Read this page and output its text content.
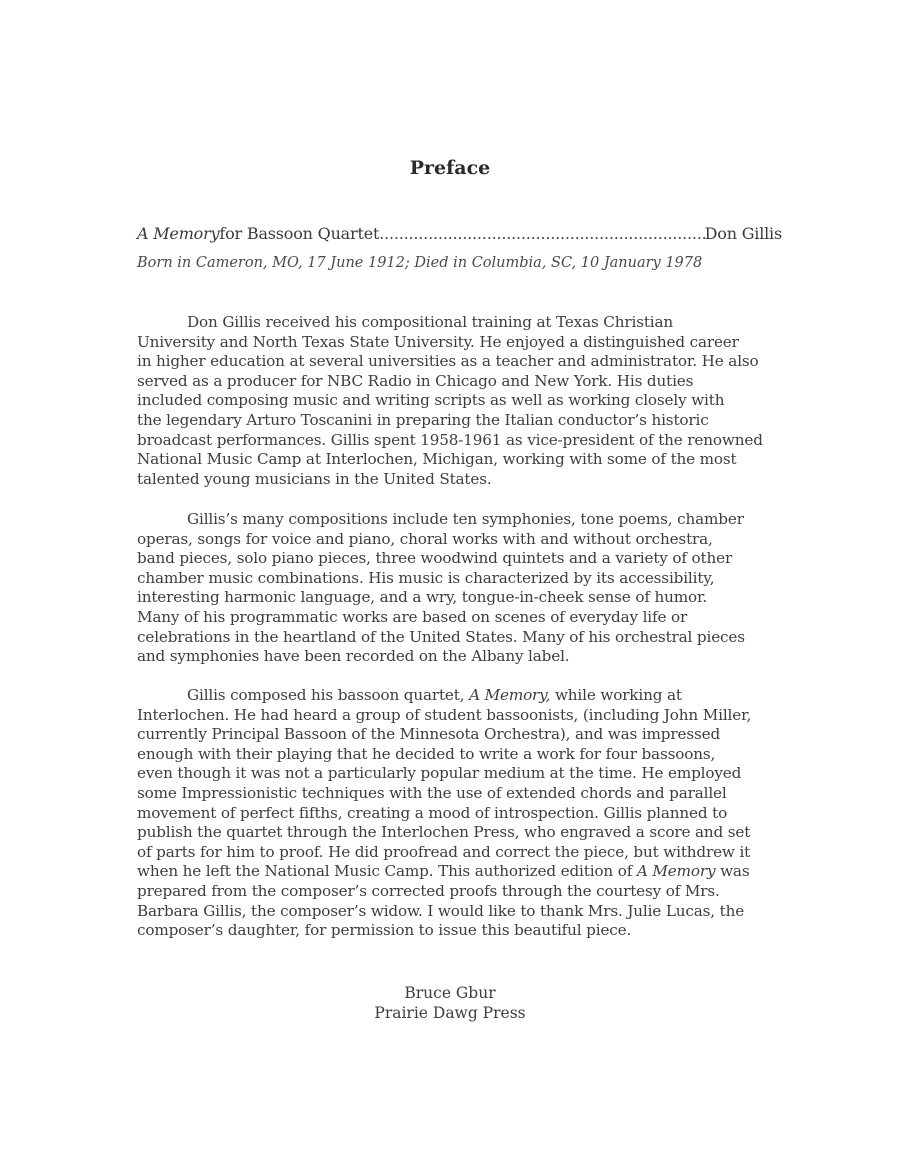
Preface
A Memory for Bassoon Quartet
.....	Don Gillis
Born in Cameron, MO, 17 June 1912; Died in Columbia, SC, 10 January 1978
Don Gillis received his compositional training at Texas Christian
University and North Texas State University. He enjoyed a distinguished career
in higher education at several universities as a teacher and administrator. He also
served as a producer for NBC Radio in Chicago and New York. His duties
included composing music and writing scripts as well as working closely with
the legendary Arturo Toscanini in preparing the Italian conductor’s historic
broadcast performances. Gillis spent 1958-1961 as vice-president of the renowned
National Music Camp at Interlochen, Michigan, working with some of the most
talented young musicians in the United States.
Gillis’s many compositions include ten symphonies, tone poems, chamber
operas, songs for voice and piano, choral works with and without orchestra,
band pieces, solo piano pieces, three woodwind quintets and a variety of other
chamber music combinations. His music is characterized by its accessibility,
interesting harmonic language, and a wry, tongue-in-cheek sense of humor.
Many of his programmatic works are based on scenes of everyday life or
celebrations in the heartland of the United States. Many of his orchestral pieces
and symphonies have been recorded on the Albany label.
Gillis composed his bassoon quartet, A Memory, while working at
Interlochen. He had heard a group of student bassoonists, (including John Miller,
currently Principal Bassoon of the Minnesota Orchestra), and was impressed
enough with their playing that he decided to write a work for four bassoons,
even though it was not a particularly popular medium at the time. He employed
some Impressionistic techniques with the use of extended chords and parallel
movement of perfect fifths, creating a mood of introspection. Gillis planned to
publish the quartet through the Interlochen Press, who engraved a score and set
of parts for him to proof. He did proofread and correct the piece, but withdrew it
when he left the National Music Camp. This authorized edition of A Memory was
prepared from the composer’s corrected proofs through the courtesy of Mrs.
Barbara Gillis, the composer’s widow. I would like to thank Mrs. Julie Lucas, the
composer’s daughter, for permission to issue this beautiful piece.
Bruce Gbur
Prairie Dawg Press
